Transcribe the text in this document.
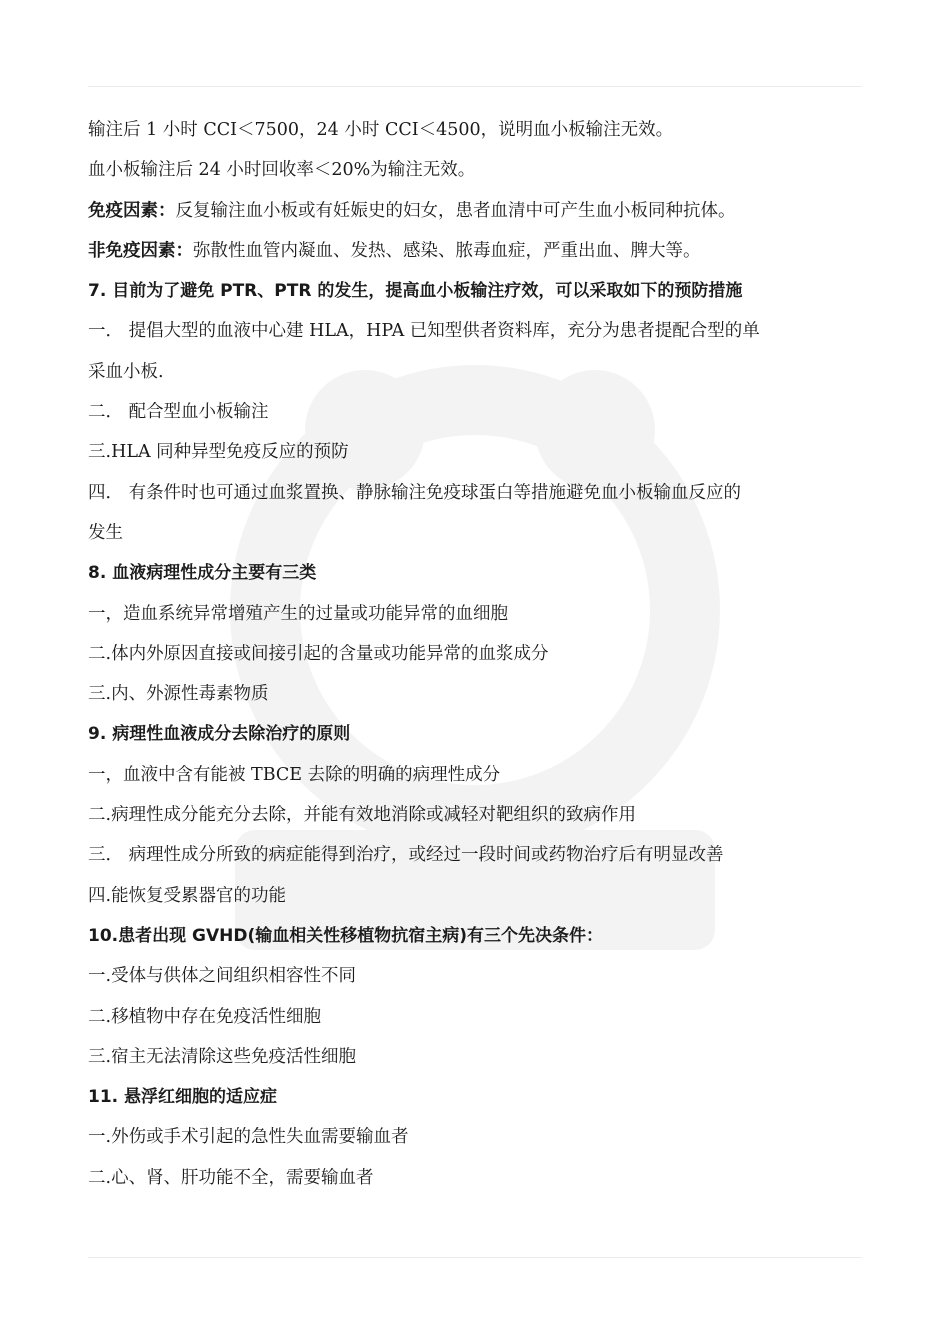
输注后 1 小时 CCI＜7500，24 小时 CCI＜4500，说明血小板输注无效。
血小板输注后 24 小时回收率＜20%为输注无效。
免疫因素：反复输注血小板或有妊娠史的妇女，患者血清中可产生血小板同种抗体。
非免疫因素：弥散性血管内凝血、发热、感染、脓毒血症，严重出血、脾大等。
7. 目前为了避免 PTR、PTR 的发生，提高血小板输注疗效，可以采取如下的预防措施
一． 提倡大型的血液中心建 HLA，HPA 已知型供者资料库，充分为患者提配合型的单
采血小板.
二． 配合型血小板输注
三.HLA 同种异型免疫反应的预防
四． 有条件时也可通过血浆置换、静脉输注免疫球蛋白等措施避免血小板输血反应的
发生
8. 血液病理性成分主要有三类
一，造血系统异常增殖产生的过量或功能异常的血细胞
二.体内外原因直接或间接引起的含量或功能异常的血浆成分
三.内、外源性毒素物质
9. 病理性血液成分去除治疗的原则
一，血液中含有能被 TBCE 去除的明确的病理性成分
二.病理性成分能充分去除，并能有效地消除或减轻对靶组织的致病作用
三． 病理性成分所致的病症能得到治疗，或经过一段时间或药物治疗后有明显改善
四.能恢复受累器官的功能
10.患者出现 GVHD(输血相关性移植物抗宿主病)有三个先决条件：
一.受体与供体之间组织相容性不同
二.移植物中存在免疫活性细胞
三.宿主无法清除这些免疫活性细胞
11. 悬浮红细胞的适应症
一.外伤或手术引起的急性失血需要输血者
二.心、肾、肝功能不全，需要输血者
